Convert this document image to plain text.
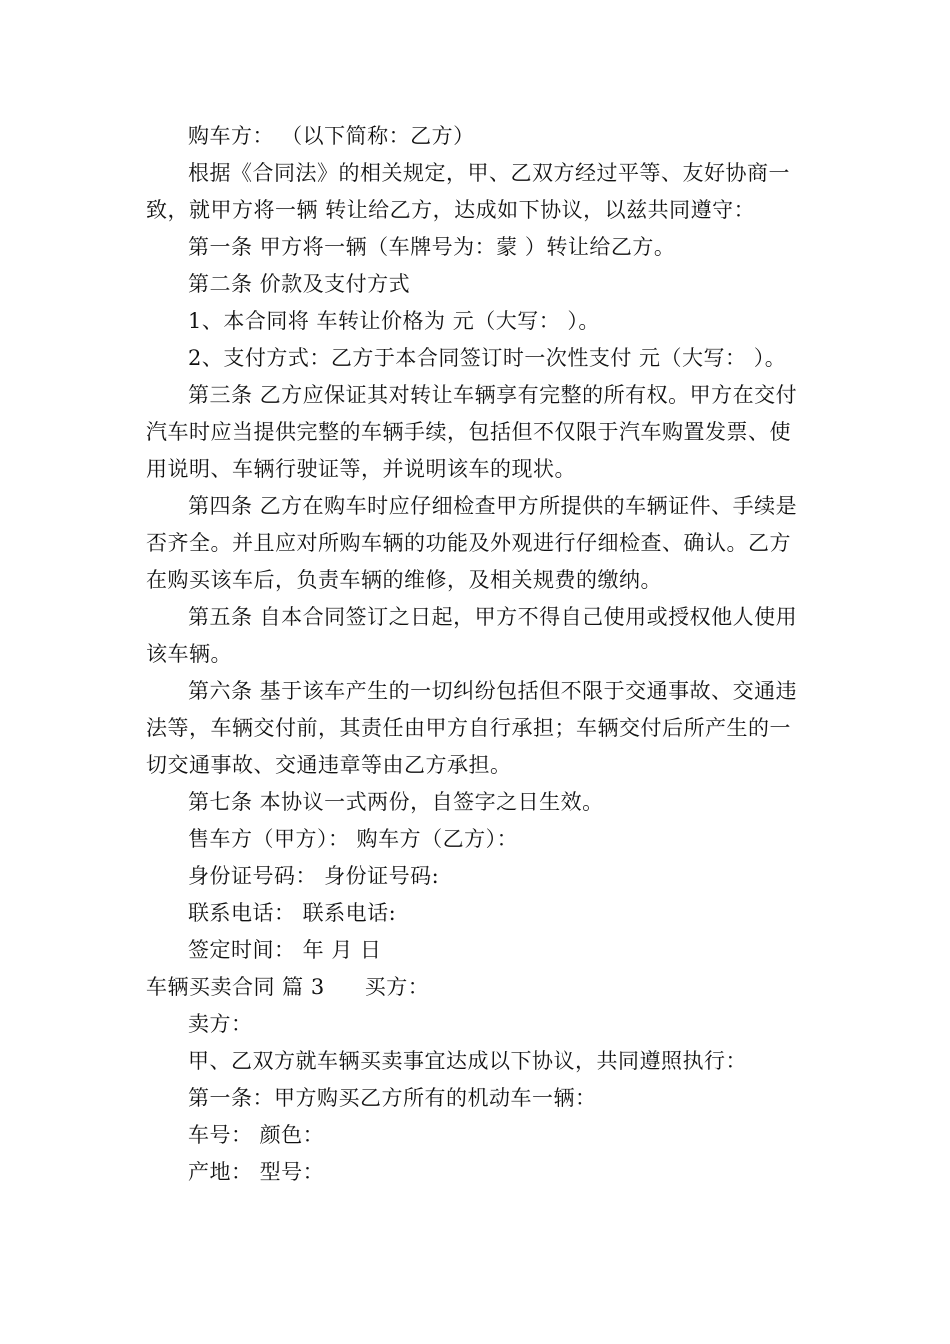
购车方： （以下简称：乙方）

根据《合同法》的相关规定，甲、乙双方经过平等、友好协商一致，就甲方将一辆 转让给乙方，达成如下协议，以兹共同遵守：

第一条 甲方将一辆（车牌号为：蒙 ）转让给乙方。

第二条 价款及支付方式

1、本合同将 车转让价格为 元（大写： ）。

2、支付方式：乙方于本合同签订时一次性支付 元（大写： ）。

第三条 乙方应保证其对转让车辆享有完整的所有权。甲方在交付汽车时应当提供完整的车辆手续，包括但不仅限于汽车购置发票、使用说明、车辆行驶证等，并说明该车的现状。

第四条 乙方在购车时应仔细检查甲方所提供的车辆证件、手续是否齐全。并且应对所购车辆的功能及外观进行仔细检查、确认。乙方在购买该车后，负责车辆的维修，及相关规费的缴纳。

第五条 自本合同签订之日起，甲方不得自己使用或授权他人使用该车辆。

第六条 基于该车产生的一切纠纷包括但不限于交通事故、交通违法等，车辆交付前，其责任由甲方自行承担；车辆交付后所产生的一切交通事故、交通违章等由乙方承担。

第七条 本协议一式两份，自签字之日生效。

售车方（甲方）： 购车方（乙方）：

身份证号码： 身份证号码:

联系电话： 联系电话:

签定时间： 年 月 日

车辆买卖合同 篇 3 买方：

卖方：

甲、乙双方就车辆买卖事宜达成以下协议，共同遵照执行：

第一条：甲方购买乙方所有的机动车一辆：

车号： 颜色：

产地： 型号：
